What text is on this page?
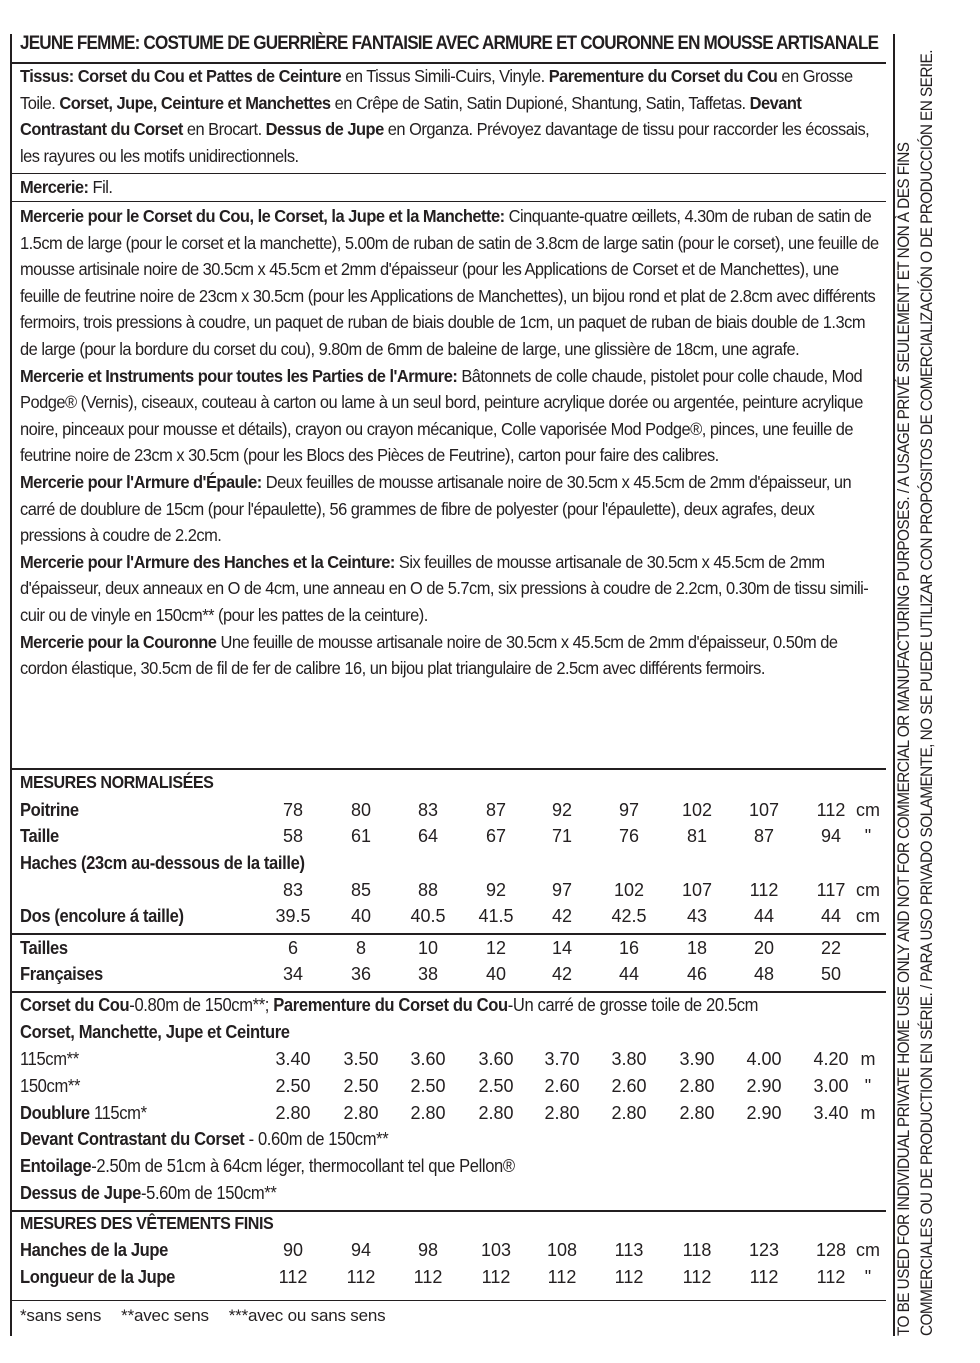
JEUNE FEMME: COSTUME DE GUERRIÈRE FANTAISIE AVEC ARMURE ET COURONNE EN MOUSSE ARTISANALE
Tissus: Corset du Cou et Pattes de Ceinture en Tissus Simili-Cuirs, Vinyle. Parementure du Corset du Cou en Grosse Toile. Corset, Jupe, Ceinture et Manchettes en Crêpe de Satin, Satin Dupioné, Shantung, Satin, Taffetas. Devant Contrastant du Corset en Brocart. Dessus de Jupe en Organza. Prévoyez davantage de tissu pour raccorder les écossais, les rayures ou les motifs unidirectionnels.
Mercerie: Fil.
Mercerie pour le Corset du Cou, le Corset, la Jupe et la Manchette: Cinquante-quatre œillets, 4.30m de ruban de satin de 1.5cm de large (pour le corset et la manchette), 5.00m de ruban de satin de 3.8cm de large satin (pour le corset), une feuille de mousse artisinale noire de 30.5cm x 45.5cm et 2mm d'épaisseur (pour les Applications de Corset et de Manchettes), une feuille de feutrine noire de 23cm x 30.5cm (pour les Applications de Manchettes), un bijou rond et plat de 2.8cm avec différents fermoirs, trois pressions à coudre, un paquet de ruban de biais double de 1cm, un paquet de ruban de biais double de 1.3cm de large (pour la bordure du corset du cou), 9.80m de 6mm de baleine de large, une glissière de 18cm, une agrafe.
Mercerie et Instruments pour toutes les Parties de l'Armure: Bâtonnets de colle chaude, pistolet pour colle chaude, Mod Podge® (Vernis), ciseaux, couteau à carton ou lame à un seul bord, peinture acrylique dorée ou argentée, peinture acrylique noire, pinceaux pour mousse et détails), crayon ou crayon mécanique, Colle vaporisée Mod Podge®, pinces, une feuille de feutrine noire de 23cm x 30.5cm (pour les Blocs des Pièces de Feutrine), carton pour faire des calibres.
Mercerie pour l'Armure d'Épaule: Deux feuilles de mousse artisanale noire de 30.5cm x 45.5cm de 2mm d'épaisseur, un carré de doublure de 15cm (pour l'épaulette), 56 grammes de fibre de polyester (pour l'épaulette), deux agrafes, deux pressions à coudre de 2.2cm.
Mercerie pour l'Armure des Hanches et la Ceinture: Six feuilles de mousse artisanale de 30.5cm x 45.5cm de 2mm d'épaisseur, deux anneaux en O de 4cm, une anneau en O de 5.7cm, six pressions à coudre de 2.2cm, 0.30m de tissu simili-cuir ou de vinyle en 150cm** (pour les pattes de la ceinture).
Mercerie pour la Couronne Une feuille de mousse artisanale noire de 30.5cm x 45.5cm de 2mm d'épaisseur, 0.50m de cordon élastique, 30.5cm de fil de fer de calibre 16, un bijou plat triangulaire de 2.5cm avec différents fermoirs.
MESURES NORMALISÉES
Poitrine	78	80	83	87	92	97	102	107	112 cm
Taille	58	61	64	67	71	76	81	87	94	"
Haches (23cm au-dessous de la taille)
83	85	88	92	97	102	107	112	117 cm
Dos (encolure á taille)	39.5	40	40.5	41.5	42	42.5	43	44	44 cm
Tailles	6	8	10	12	14	16	18	20	22
Françaises	34	36	38	40	42	44	46	48	50
Corset du Cou-0.80m de 150cm**; Parementure du Corset du Cou-Un carré de grosse toile de 20.5cm
Corset, Manchette, Jupe et Ceinture
115cm**	3.40	3.50	3.60	3.60	3.70	3.80	3.90	4.00	4.20 m
150cm**	2.50	2.50	2.50	2.50	2.60	2.60	2.80	2.90	3.00 "
Doublure 115cm*	2.80	2.80	2.80	2.80	2.80	2.80	2.80	2.90	3.40 m
Devant Contrastant du Corset - 0.60m de 150cm**
Entoilage-2.50m de 51cm à 64cm léger, thermocollant tel que Pellon®
Dessus de Jupe-5.60m de 150cm**
MESURES DES VÊTEMENTS FINIS
Hanches de la Jupe	90	94	98	103	108	113	118	123	128 cm
Longueur de la Jupe	112	112	112	112	112	112	112	112	112	"
*sans sens **avec sens ***avec ou sans sens	TO BE USED FOR INDIVIDUAL PRIVATE HOME USE ONLY AND NOT FOR COMMERCIAL OR MANUFACTURING PURPOSES. / A USAGE PRIVÉ SEULEMENT ET NON À DES FINS COMMERCIALES OU DE PRODUCTION EN SÉRIE. / PARA USO PRIVADO SOLAMENTE, NO SE PUEDE UTILIZAR CON PROPÓSITOS DE COMERCIALIZACIÓN O DE PRODUCCIÓN EN SERIE.
